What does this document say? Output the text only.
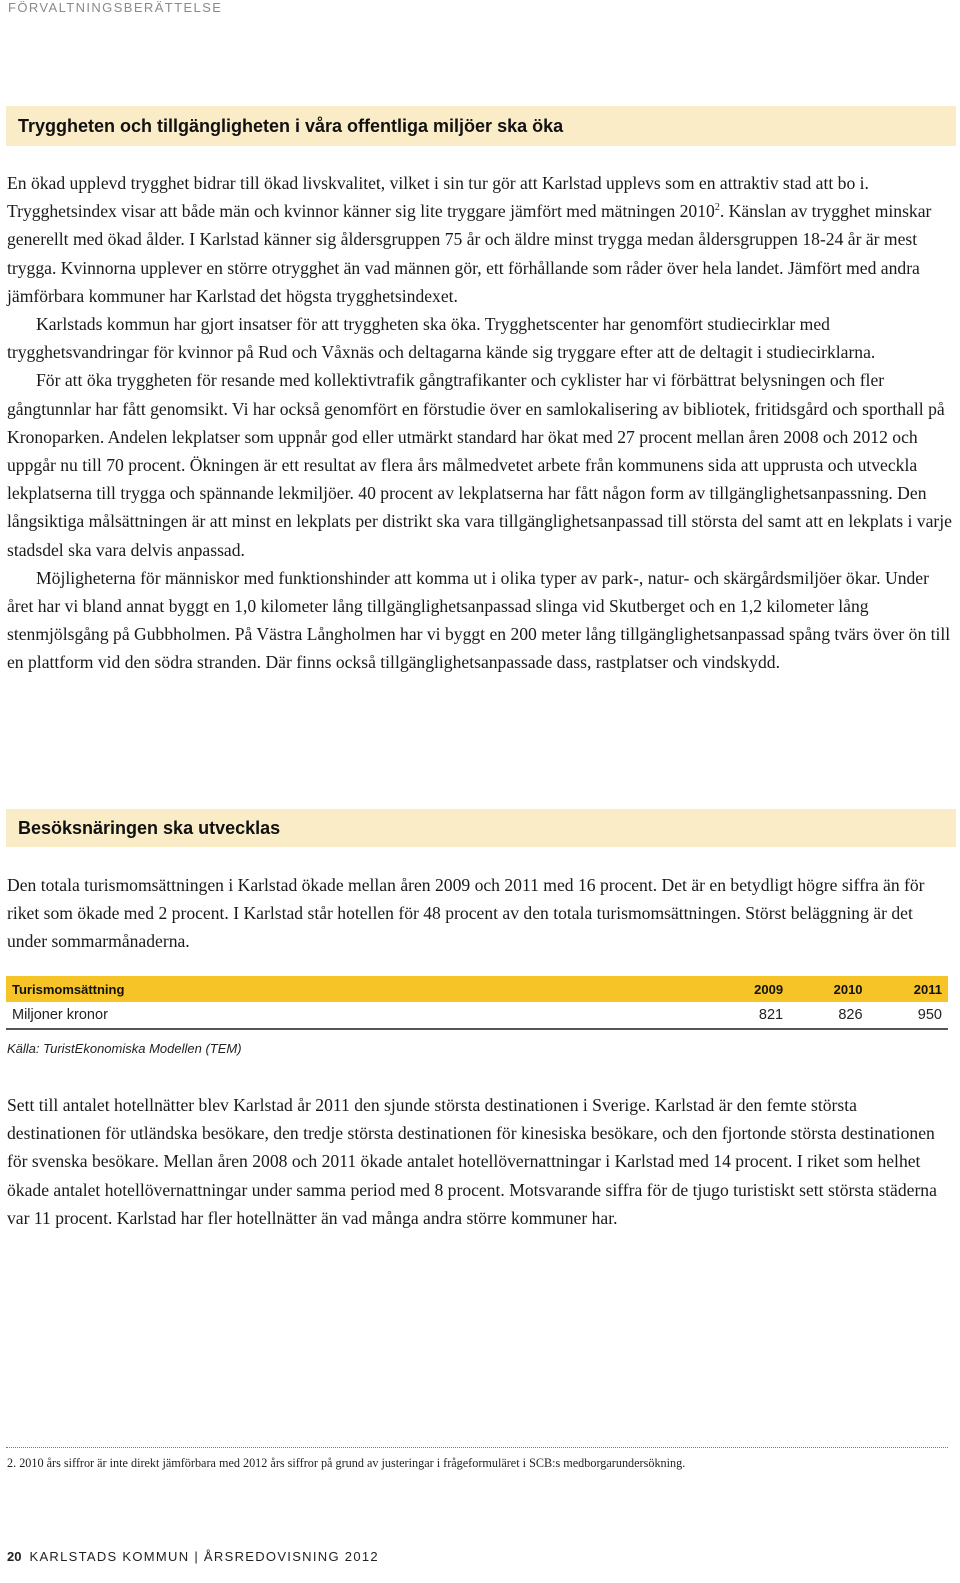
FÖRVALTNINGSBERÄTTELSE
Tryggheten och tillgängligheten i våra offentliga miljöer ska öka

En ökad upplevd trygghet bidrar till ökad livskvalitet, vilket i sin tur gör att Karlstad upplevs som en attraktiv stad att bo i. Trygghetsindex visar att både män och kvinnor känner sig lite tryggare jämfört med mätningen 2010$^2$. Känslan av trygghet minskar generellt med ökad ålder. I Karlstad känner sig åldersgruppen 75 år och äldre minst trygga medan åldersgruppen 18-24 år är mest trygga. Kvinnorna upplever en större otrygghet än vad männen gör, ett förhållande som råder över hela landet. Jämfört med andra jämförbara kommuner har Karlstad det högsta trygghetsindexet.

Karlstads kommun har gjort insatser för att tryggheten ska öka. Trygghetscenter har genomfört studiecirklar med trygghetsvandringar för kvinnor på Rud och Våxnäs och deltagarna kände sig tryggare efter att de deltagit i studiecirklarna.

För att öka tryggheten för resande med kollektivtrafik gångtrafikanter och cyklister har vi förbättrat belysningen och fler gångtunnlar har fått genomsikt. Vi har också genomfört en förstudie över en samlokalisering av bibliotek, fritidsgård och sporthall på Kronoparken. Andelen lekplatser som uppnår god eller utmärkt standard har ökat med 27 procent mellan åren 2008 och 2012 och uppgår nu till 70 procent. Ökningen är ett resultat av flera års målmedvetet arbete från kommunens sida att upprusta och utveckla lekplatserna till trygga och spännande lekmiljöer. 40 procent av lekplatserna har fått någon form av tillgänglighetsanpassning. Den långsiktiga målsättningen är att minst en lekplats per distrikt ska vara tillgänglighetsanpassad till största del samt att en lekplats i varje stadsdel ska vara delvis anpassad.

Möjligheterna för människor med funktionshinder att komma ut i olika typer av park-, natur- och skärgårdsmiljöer ökar. Under året har vi bland annat byggt en 1,0 kilometer lång tillgänglighetsanpassad slinga vid Skutberget och en 1,2 kilometer lång stenmjölsgång på Gubbholmen. På Västra Långholmen har vi byggt en 200 meter lång tillgänglighetsanpassad spång tvärs över ön till en plattform vid den södra stranden. Där finns också tillgänglighetsanpassade dass, rastplatser och vindskydd.

Besöksnäringen ska utvecklas

Den totala turismomsättningen i Karlstad ökade mellan åren 2009 och 2011 med 16 procent. Det är en betydligt högre siffra än för riket som ökade med 2 procent. I Karlstad står hotellen för 48 procent av den totala turismomsättningen. Störst beläggning är det under sommarmånaderna.

Turismomsättning	2009	2010	2011
Miljoner kronor	821	826	950
Källa: TuristEkonomiska Modellen (TEM)

Sett till antalet hotellnätter blev Karlstad år 2011 den sjunde största destinationen i Sverige. Karlstad är den femte största destinationen för utländska besökare, den tredje största destinationen för kinesiska besökare, och den fjortonde största destinationen för svenska besökare. Mellan åren 2008 och 2011 ökade antalet hotellövernattningar i Karlstad med 14 procent. I riket som helhet ökade antalet hotellövernattningar under samma period med 8 procent. Motsvarande siffra för de tjugo turistiskt sett största städerna var 11 procent. Karlstad har fler hotellnätter än vad många andra större kommuner har.

2. 2010 års siffror är inte direkt jämförbara med 2012 års siffror på grund av justeringar i frågeformuläret i SCB:s medborgarundersökning.
20 KARLSTADS KOMMUN | ÅRSREDOVISNING 2012
